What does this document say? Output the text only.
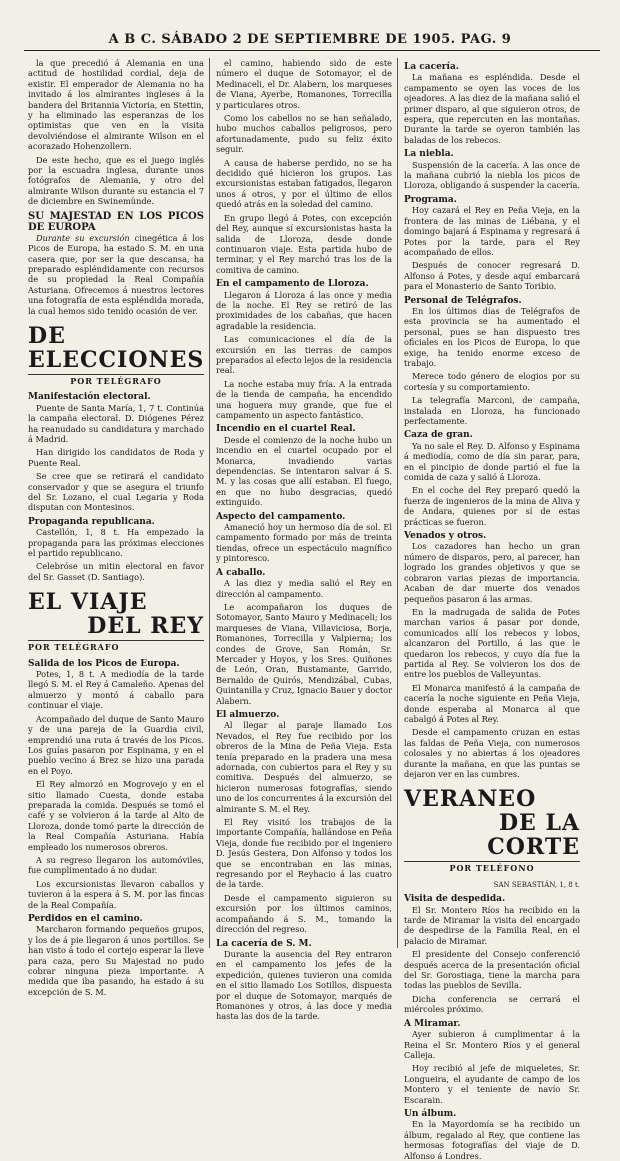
A B C. SÁBADO 2 DE SEPTIEMBRE DE 1905. PAG. 9

la que precedió á Alemania en una actitud de hostilidad cordial, deja de existir. El emperador de Alemania no ha invitado á los almirantes ingleses á la bandera del Britannia Victoria, en Stettin, y ha eliminado las esperanzas de los optimistas que ven en la visita devolviéndose el almirante Wilson en el acorazado Hohenzollern.

De este hecho, que es el juego inglés por la escuadra inglesa, durante unos fotógrafos de Alemania, y otro del almirante Wilson durante su estancia el 7 de diciembre en Swinemünde.

SU MAJESTAD EN LOS PICOS DE EUROPA

Durante su excursión cinegética á los Picos de Europa, ha estado S. M. en una casera que, por ser la que descansa, ha preparado espléndidamente con recursos de su propiedad la Real Compañía Asturiana. Ofrecemos á nuestros lectores una fotografía de esta espléndida morada, la cual hemos sido tenido ocasión de ver.

DE ELECCIONES
POR TELÉGRAFO
Manifestación electoral.

Puente de Santa María, 1, 7 t. Continúa la campaña electoral. D. Diógenes Pérez ha reanudado su candidatura y marchado á Madrid.

Han dirigido los candidatos de Roda y Puente Real.

Se cree que se retirará el candidato conservador y que se asegura el triunfo del Sr. Lozano, el cual Legaria y Roda disputan con Montesinos.

Propaganda republicana.

Castellón, 1, 8 t. Ha empezado la propaganda para las próximas elecciones el partido republicano.

Celebróse un mitin electoral en favor del Sr. Gasset (D. Santiago).

EL VIAJE
DEL REY
POR TELÉGRAFO
Salida de los Picos de Europa.

Potes, 1, 8 t. A mediodía de la tarde llegó S. M. el Rey á Camaleño. Apenas del almuerzo y montó á caballo para continuar el viaje.

Acompañado del duque de Santo Mauro y de una pareja de la Guardia civil, emprendió una ruta á través de los Picos. Los guías pasaron por Espinama, y en el pueblo vecino á Brez se hizo una parada en el Poyo.

El Rey almorzó en Mogrovejo y en el sitio llamado Cuesta, donde estaba preparada la comida. Después se tomó el café y se volvieron á la tarde al Alto de Lloroza, donde tomó parte la dirección de la Real Compañía Asturiana. Había empleado los numerosos obreros.

A su regreso llegaron los automóviles, fue cumplimentado á no dudar.

Los excursionistas llevaron caballos y tuvieron á la espera á S. M. por las fincas de la Real Compañía.

Perdidos en el camino.

Marcharon formando pequeños grupos, y los de á pie llegaron á unos portillos. Se han visto á todo el cortejo esperar la lleve para caza, pero Su Majestad no pudo cobrar ninguna pieza importante. A medida que iba pasando, ha estado á su excepción de S. M.

el camino, habiendo sido de este número el duque de Sotomayor, el de Medinaceli, el Dr. Alabern, los marqueses de Viana, Ayerbe, Romanones, Torrecilla y particulares otros.

Como los cabellos no se han señalado, hubo muchos caballos peligrosos, pero afortunadamente, pudo su feliz éxito seguir.

A causa de haberse perdido, no se ha decidido qué hicieron los grupos. Las excursionistas estaban fatigados, llegaron unos á otros, y por el último de ellos quedó atrás en la soledad del camino.

En grupo llegó á Potes, con excepción del Rey, aunque sí excursionistas hasta la salida de Lloroza, desde donde continuaron viaje. Esta partida hubo de terminar, y el Rey marchó tras los de la comitiva de camino.

En el campamento de Lloroza.

Llegaron á Lloroza á las once y media de la noche. El Rey se retiró de las proximidades de los cabañas, que hacen agradable la residencia.

Las comunicaciones el día de la excursión en las tierras de campos preparados al efecto lejos de la residencia real.

La noche estaba muy fría. A la entrada de la tienda de campaña, ha encendido una hoguera muy grande, que fue el campamento un aspecto fantástico.

Incendio en el cuartel Real.

Desde el comienzo de la noche hubo un incendio en el cuartel ocupado por el Monarca, invadiendo varias dependencias. Se intentaron salvar á S. M. y las cosas que allí estaban. El fuego, en que no hubo desgracias, quedó extinguido.

Aspecto del campamento.

Amaneció hoy un hermoso día de sol. El campamento formado por más de treinta tiendas, ofrece un espectáculo magnífico y pintoresco.

A caballo.

A las diez y media salió el Rey en dirección al campamento.

Le acompañaron los duques de Sotomayor, Santo Mauro y Medinaceli; los marqueses de Viana, Villaviciosa, Borja, Romanones, Torrecilla y Valpierna; los condes de Grove, San Román, Sr. Mercader y Hoyos, y los Sres. Quiñones de León, Oran, Bustamante, Garrido, Bernaldo de Quirós, Mendizábal, Cubas, Quintanilla y Cruz, Ignacio Bauer y doctor Alabern.

El almuerzo.

Al llegar al paraje llamado Los Nevados, el Rey fue recibido por los obreros de la Mina de Peña Vieja. Esta tenía preparado en la pradera una mesa adornada, con cubiertos para el Rey y su comitiva. Después del almuerzo, se hicieron numerosas fotografías, siendo uno de los concurrentes á la excursión del almirante S. M. el Rey.

El Rey visitó los trabajos de la importante Compañía, hallándose en Peña Vieja, donde fue recibido por el ingeniero D. Jesús Gestera, Don Alfonso y todos los que se encontraban en las minas, regresando por el Reyhacio á las cuatro de la tarde.

Desde el campamento siguieron su excursión por los últimos caminos, acompañando á S. M., tomando la dirección del regreso.

La cacería de S. M.

Durante la ausencia del Rey entraron en el campamento los jefes de la expedición, quienes tuvieron una comida en el sitio llamado Los Sotillos, dispuesta por el duque de Sotomayor, marqués de Romanones y otros, á las doce y media hasta las dos de la tarde.

La cacería.

La mañana es espléndida. Desde el campamento se oyen las voces de los ojeadores. A las diez de la mañana salió el primer disparo, al que siguieron otros, de espera, que repercuten en las montañas. Durante la tarde se oyeron también las baladas de los rebecos.

La niebla.

Suspensión de la cacería. A las once de la mañana cubrió la niebla los picos de Lloroza, obligando á suspender la cacería.

Programa.

Hoy cazará el Rey en Peña Vieja, en la frontera de las minas de Liébana, y el domingo bajará á Espinama y regresará á Potes por la tarde, para el Rey acompañado de ellos.

Después de conocer regresará D. Alfonso á Potes, y desde aquí embarcará para el Monasterio de Santo Toribio.

Personal de Telégrafos.

En los últimos días de Telégrafos de esta provincia se ha aumentado el personal, pues se han dispuesto tres oficiales en los Picos de Europa, lo que exige, ha tenido enorme exceso de trabajo.

Merece todo género de elogios por su cortesía y su comportamiento.

La telegrafía Marconi, de campaña, instalada en Lloroza, ha funcionado perfectamente.

Caza de gran.

Ya no sale el Rey. D. Alfonso y Espinama á mediodía, como de día sin parar, para, en el pincipio de donde partió el fue la comida de caza y salió á Lloroza.

En el coche del Rey preparó quedó la fuerza de ingenieros de la mina de Aliva y de Andara, quienes por sí de estas prácticas se fueron.

Venados y otros.

Los cazadores han hecho un gran número de disparos, pero, al parecer, han logrado los grandes objetivos y que se cobraron varias piezas de importancia. Acaban de dar muerte dos venados pequeños pasaron á las armas.

En la madrugada de salida de Potes marchan varios á pasar por donde, comunicados allí los rebecos y lobos, alcanzaron del Portillo, á las que le quedaron los rebecos, y cuyo día fue la partida al Rey. Se volvieron los dos de entre los pueblos de Valleyuntas.

El Monarca manifestó á la campaña de cacería la noche siguiente en Peña Vieja, donde esperaba al Monarca al que cabalgó á Potes al Rey.

Desde el campamento cruzan en estas las faldas de Peña Vieja, con numerosos colosales y no abiertas á los ojeadores durante la mañana, en que las puntas se dejaron ver en las cumbres.

VERANEO
DE LA CORTE
POR TELÉFONO
SAN SEBASTIÁN, 1, 8 t.
Visita de despedida.

El Sr. Montero Ríos ha recibido en la tarde de Miramar la visita del encargado de despedirse de la Familia Real, en el palacio de Miramar.

El presidente del Consejo conferenció después acerca de la presentación oficial del Sr. Gorostiaga, tiene la marcha para todas las pueblos de Sevilla.

Dicha conferencia se cerrará el miércoles próximo.

A Miramar.

Ayer subieron á cumplimentar á la Reina el Sr. Montero Ríos y el general Calleja.

Hoy recibió al jefe de miqueletes, Sr. Longueira, el ayudante de campo de los Montero y el teniente de navío Sr. Escarain.

Un álbum.

En la Mayordomía se ha recibido un álbum, regalado al Rey, que contiene las hermosas fotografías del viaje de D. Alfonso á Londres.
